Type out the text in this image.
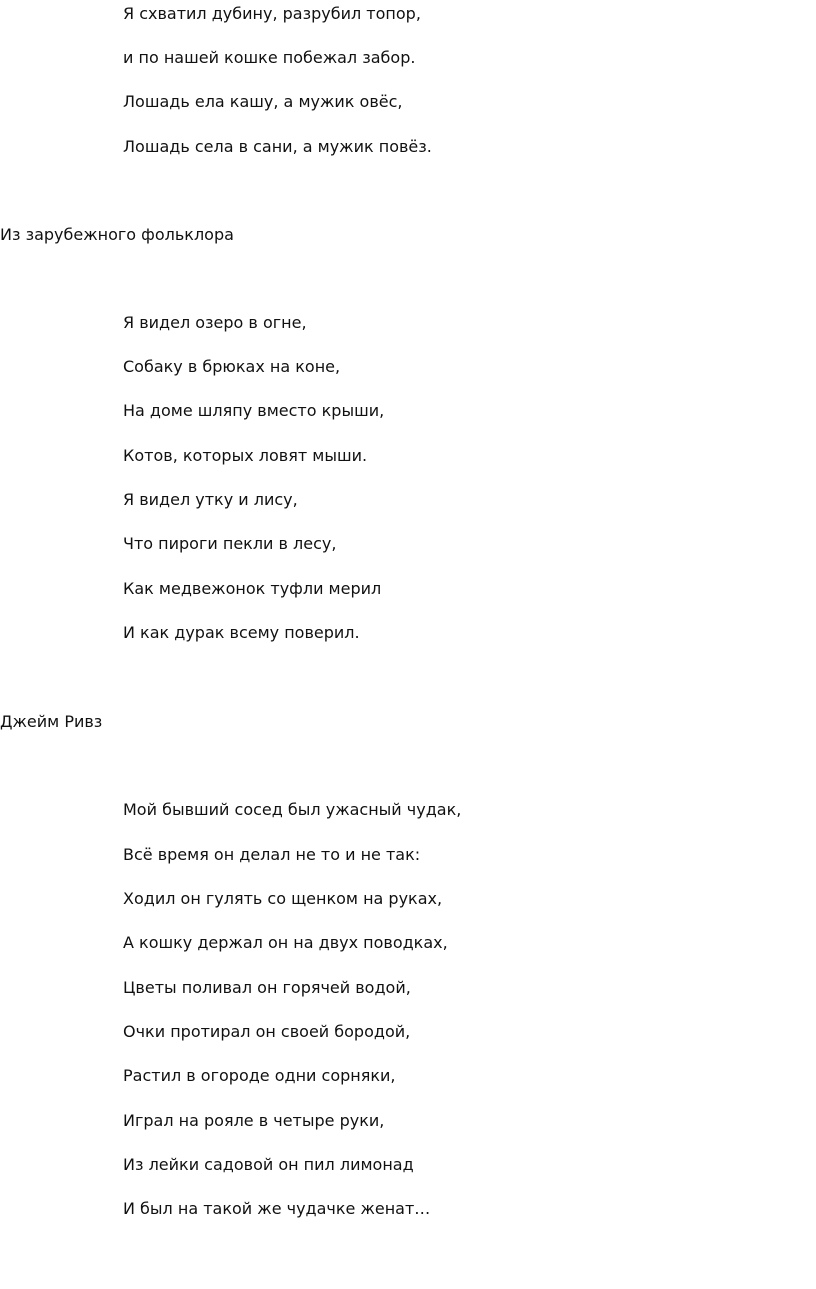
Я схватил дубину, разрубил топор,
и по нашей кошке побежал забор.
Лошадь ела кашу, а мужик овёс,
Лошадь села в сани, а мужик повёз.
Из зарубежного фольклора
Я видел озеро в огне,
Собаку в брюках на коне,
На доме шляпу вместо крыши,
Котов, которых ловят мыши.
Я видел утку и лису,
Что пироги пекли в лесу,
Как медвежонок туфли мерил
И как дурак всему поверил.
Джейм Ривз
Мой бывший сосед был ужасный чудак,
Всё время он делал не то и не так:
Ходил он гулять со щенком на руках,
А кошку держал он на двух поводках,
Цветы поливал он горячей водой,
Очки протирал он своей бородой,
Растил в огороде одни сорняки,
Играл на рояле в четыре руки,
Из лейки садовой он пил лимонад
И был на такой же чудачке женат…
